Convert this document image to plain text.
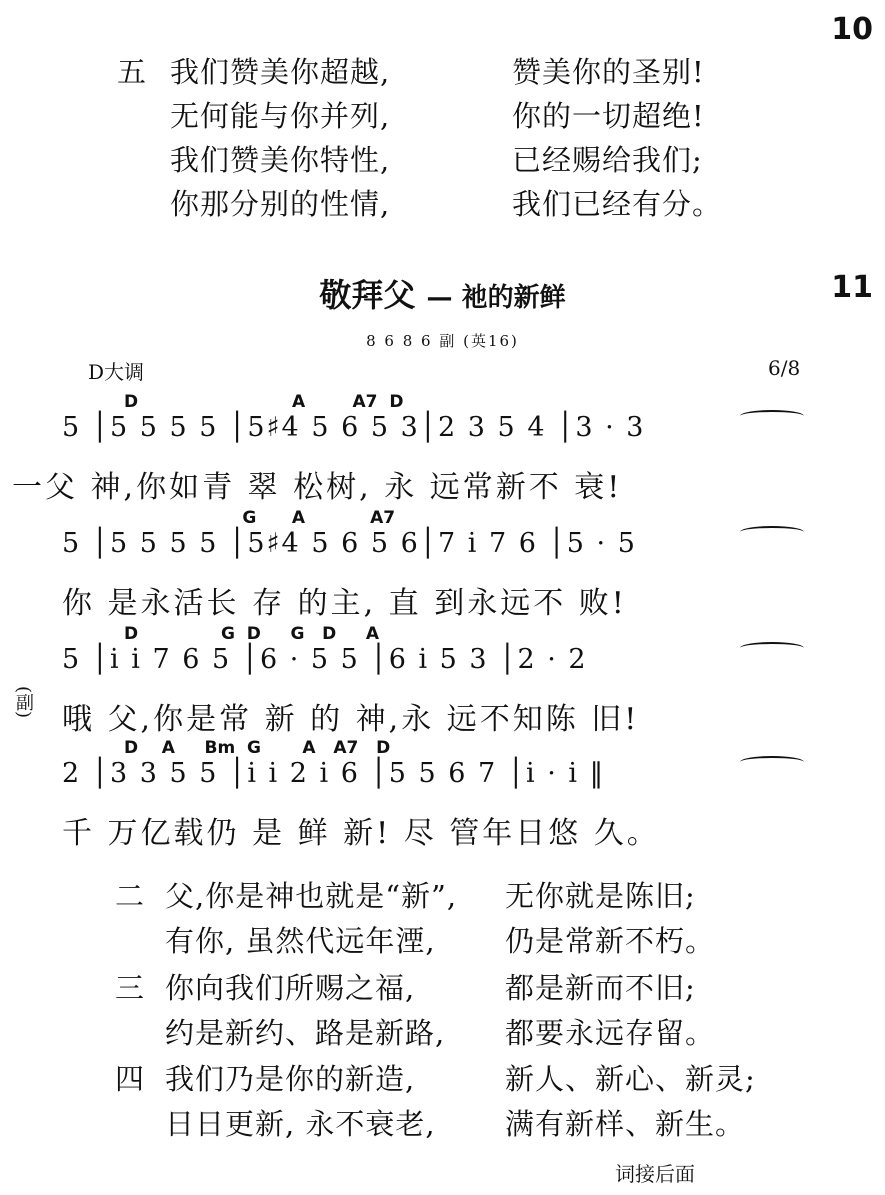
10
五 我们赞美你超越,	赞美你的圣别!
无何能与你并列,	你的一切超绝!
我们赞美你特性,	已经赐给我们;
你那分别的性情,	我们已经有分。
11
敬拜父 — 祂的新鲜
8 6 8 6 副 (英16)
D大调	6/8
D                          A        A7  D
5 │5 5 5 5 │5♯4 5 6 5 3│2 3 5 4 │3 · 3
一父 神,你如青 翠 松树, 永 远常新不 衰!
G      A           A7
5 │5 5 5 5 │5♯4 5 6 5 6│7 i 7 6 │5 · 5
你 是永活长 存 的主, 直 到永远不 败!
D              G  D     G   D     A
5 │i i 7 6 5 │6 · 5 5 │6 i 5 3 │2 · 2
(副) 哦 父,你是常 新 的 神,永 远不知陈 旧!
D    A     Bm  G       A   A7   D
2 │3 3 5 5 │i i 2 i 6 │5 5 6 7 │i · i ‖
千 万亿载仍 是 鲜 新! 尽 管年日悠 久。
二 父,你是神也就是“新”, 无你就是陈旧;
有你, 虽然代远年湮, 仍是常新不朽。
三 你向我们所赐之福,	都是新而不旧;
约是新约、路是新路, 都要永远存留。
四 我们乃是你的新造,	新人、新心、新灵;
日日更新, 永不衰老, 满有新样、新生。
词接后面
